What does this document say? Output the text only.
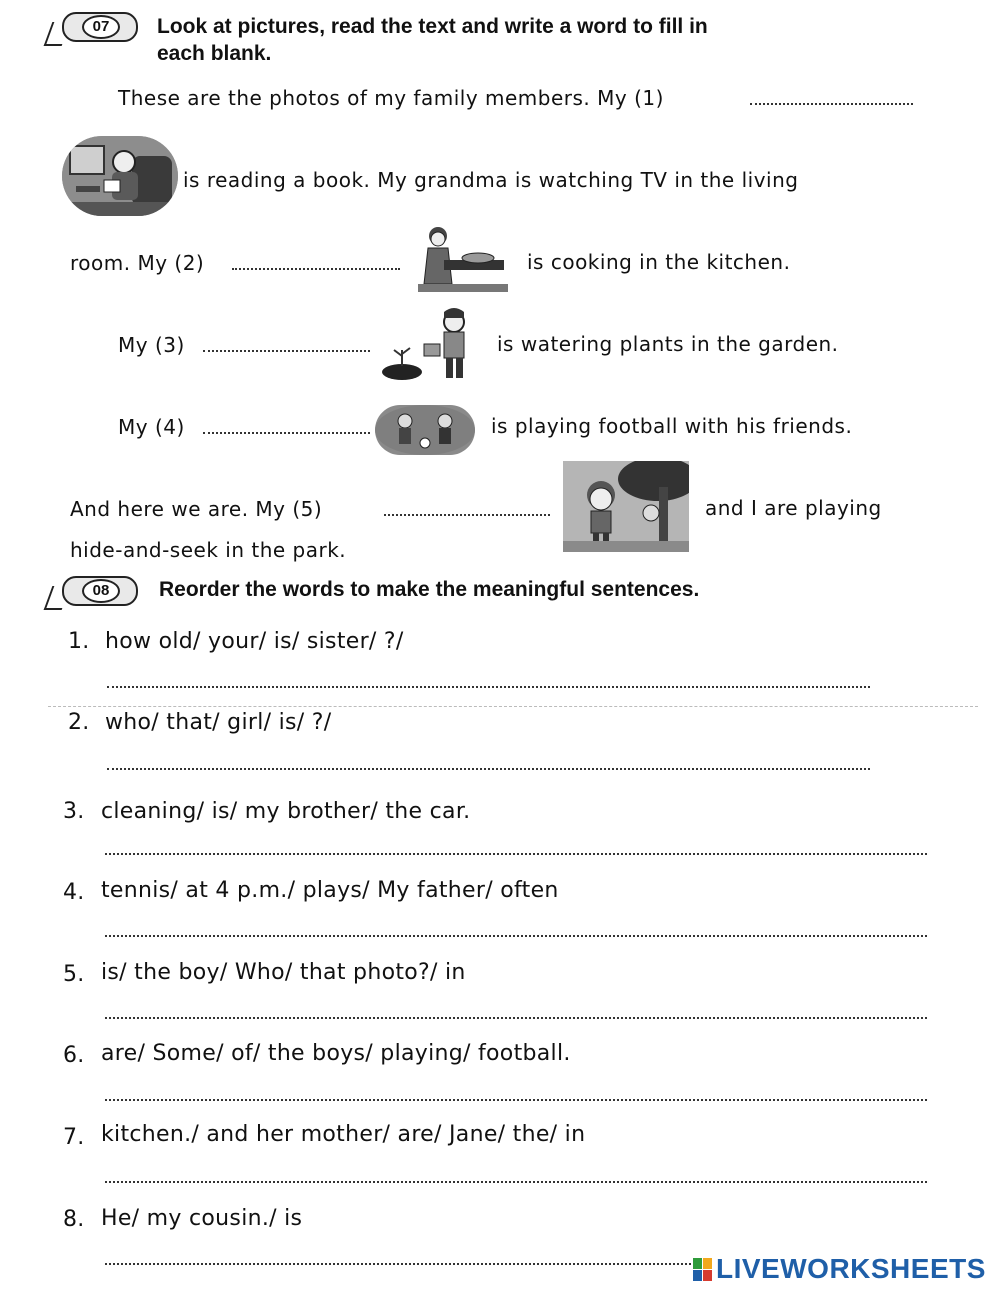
07	Look at pictures, read the text and write a word to fill in
each blank.
These are the photos of my family members. My (1)
is reading a book. My grandma is watching TV in the living
room. My (2)	is cooking in the kitchen.
My (3)	is watering plants in the garden.
My (4)	is playing football with his friends.
And here we are. My (5)	and I are playing
hide-and-seek in the park.
08	Reorder the words to make the meaningful sentences.
1. how old/ your/ is/ sister/ ?/
2. who/ that/ girl/ is/ ?/
3. cleaning/ is/ my brother/ the car.
4. tennis/ at 4 p.m./ plays/ My father/ often
5. is/ the boy/ Who/ that photo?/ in
6. are/ Some/ of/ the boys/ playing/ football.
7. kitchen./ and her mother/ are/ Jane/ the/ in
8. He/ my cousin./ is
LIVEWORKSHEETS
